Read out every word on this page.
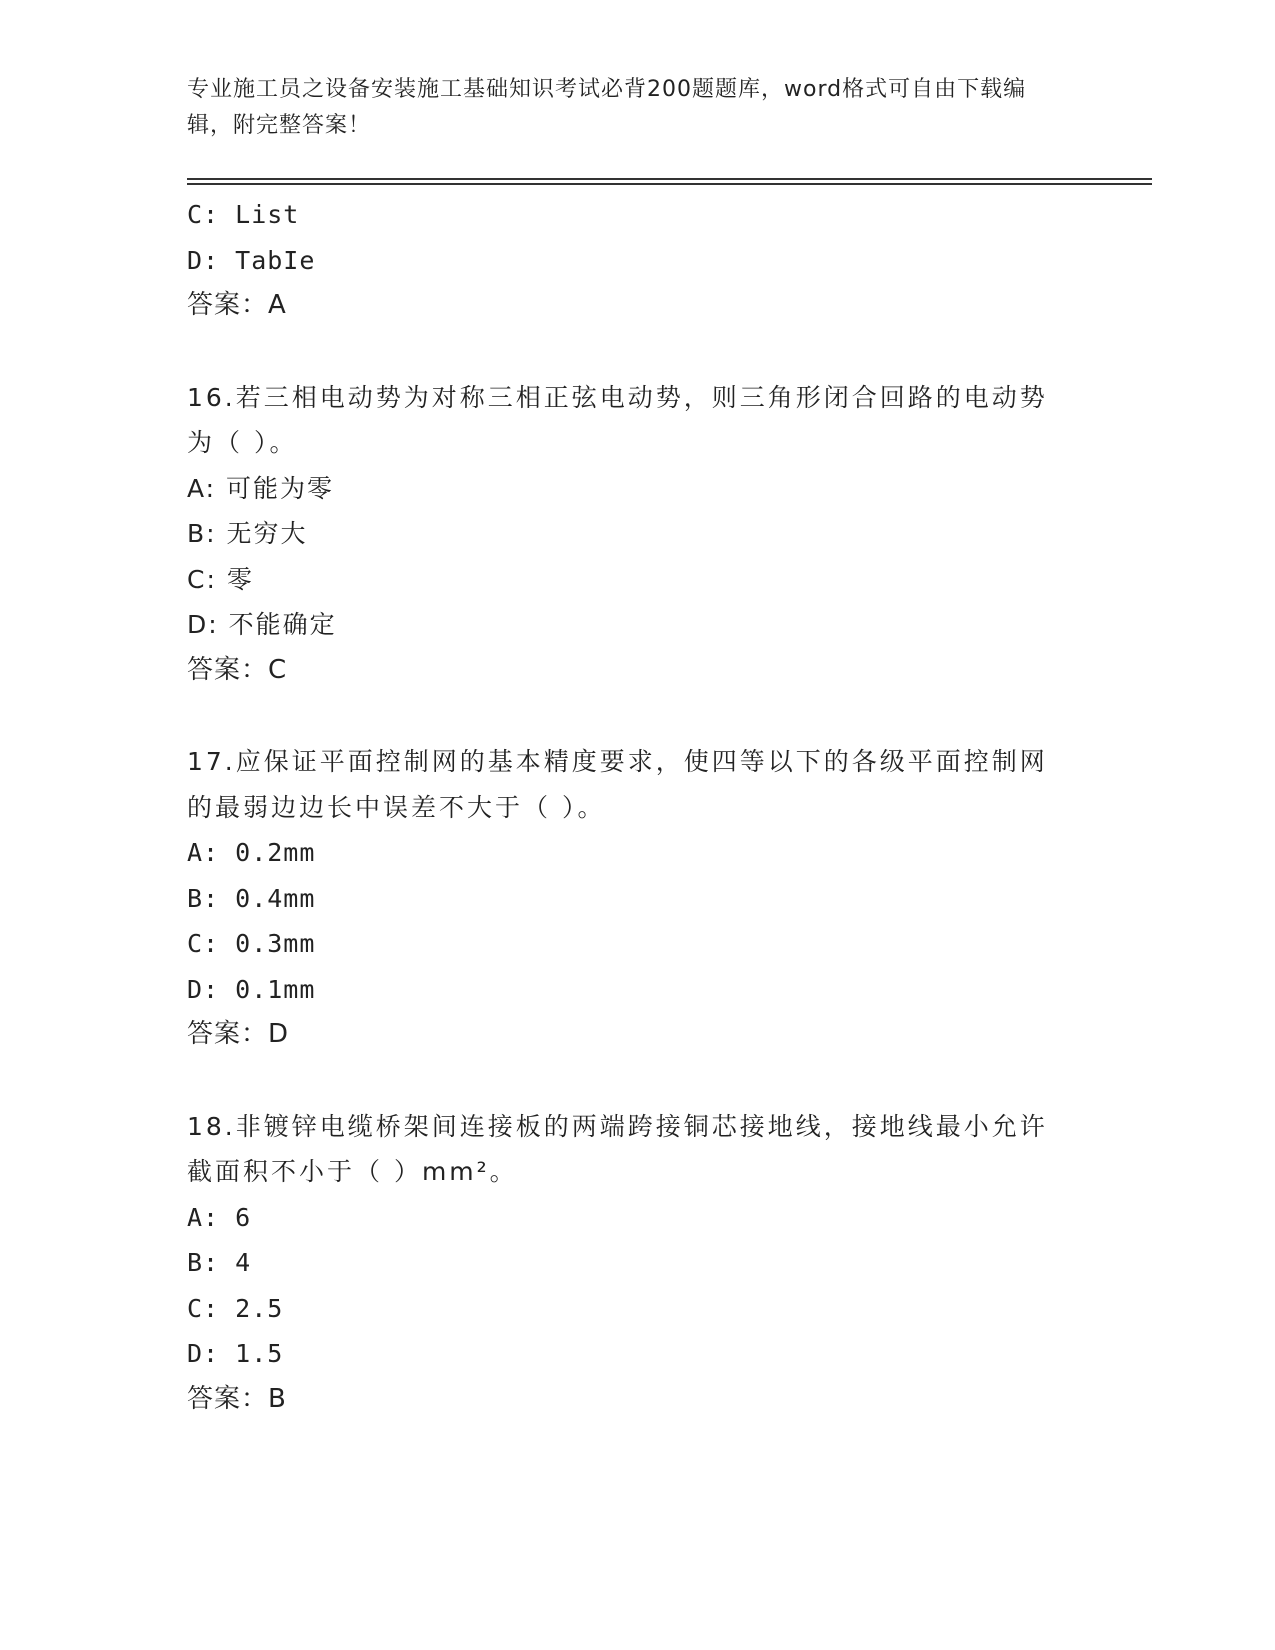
专业施工员之设备安装施工基础知识考试必背200题题库，word格式可自由下载编辑，附完整答案！
C: List
D: TabIe
答案：A
16.若三相电动势为对称三相正弦电动势，则三角形闭合回路的电动势为（ ）。
A: 可能为零
B: 无穷大
C: 零
D: 不能确定
答案：C
17.应保证平面控制网的基本精度要求，使四等以下的各级平面控制网的最弱边边长中误差不大于（ ）。
A: 0.2mm
B: 0.4mm
C: 0.3mm
D: 0.1mm
答案：D
18.非镀锌电缆桥架间连接板的两端跨接铜芯接地线，接地线最小允许截面积不小于（ ）mm²。
A: 6
B: 4
C: 2.5
D: 1.5
答案：B
